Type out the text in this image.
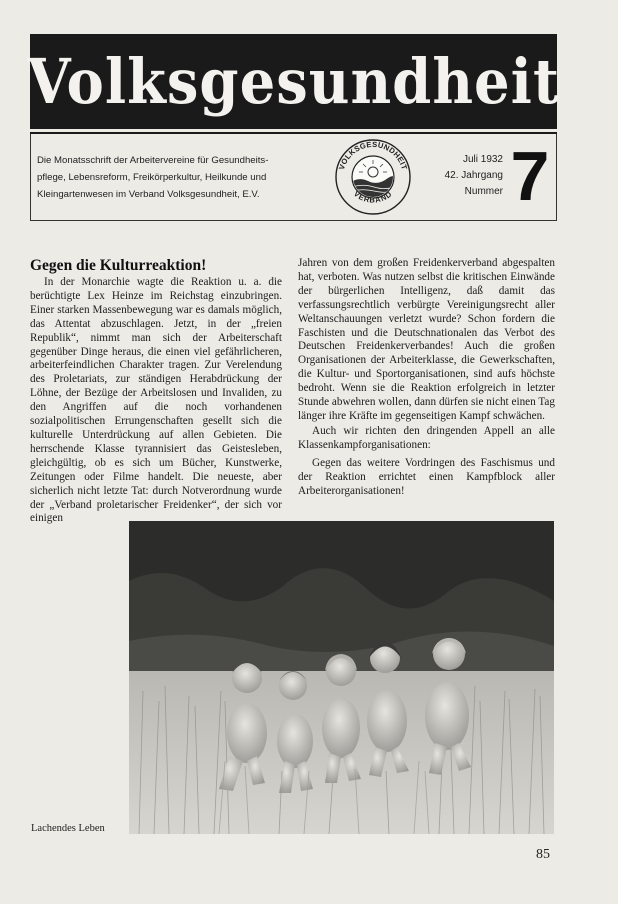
Volksgesundheit
Die Monatsschrift der Arbeitervereine für Gesundheits-
pflege, Lebensreform, Freikörperkultur, Heilkunde und
Kleingartenwesen im Verband Volksgesundheit, E.V.
VOLKSGESUNDHEIT
VERBAND
Juli 1932
42. Jahrgang
Nummer 7
Gegen die Kulturreaktion!

In der Monarchie wagte die Reaktion u. a. die berüchtigte Lex Heinze im Reichstag einzubringen. Einer starken Massenbewegung war es damals möglich, das Attentat abzuschlagen. Jetzt, in der „freien Republik“, nimmt man sich der Arbeiterschaft gegenüber Dinge heraus, die einen viel gefährlicheren, arbeiterfeindlichen Charakter tragen. Zur Verelendung des Proletariats, zur ständigen Herabdrückung der Löhne, der Bezüge der Arbeitslosen und Invaliden, zu den Angriffen auf die noch vorhandenen sozialpolitischen Errungenschaften gesellt sich die kulturelle Unterdrückung auf allen Gebieten. Die herrschende Klasse tyrannisiert das Geistesleben, gleichgültig, ob es sich um Bücher, Kunstwerke, Zeitungen oder Filme handelt. Die neueste, aber sicherlich nicht letzte Tat: durch Notverordnung wurde der „Verband proletarischer Freidenker“, der sich vor einigen

Jahren von dem großen Freidenkerverband abgespalten hat, verboten. Was nutzen selbst die kritischen Einwände der bürgerlichen Intelligenz, daß damit das verfassungsrechtlich verbürgte Vereinigungsrecht aller Weltanschauungen verletzt wurde? Schon fordern die Faschisten und die Deutschnationalen das Verbot des Deutschen Freidenkerverbandes! Auch die großen Organisationen der Arbeiterklasse, die Gewerkschaften, die Kultur- und Sportorganisationen, sind aufs höchste bedroht. Wenn sie die Reaktion erfolgreich in letzter Stunde abwehren wollen, dann dürfen sie nicht einen Tag länger ihre Kräfte im gegenseitigen Kampf schwächen.

Auch wir richten den dringenden Appell an alle Klassenkampforganisationen:

Gegen das weitere Vordringen des Faschismus und der Reaktion errichtet einen Kampfblock aller Arbeiterorganisationen!

Lachendes Leben
85
